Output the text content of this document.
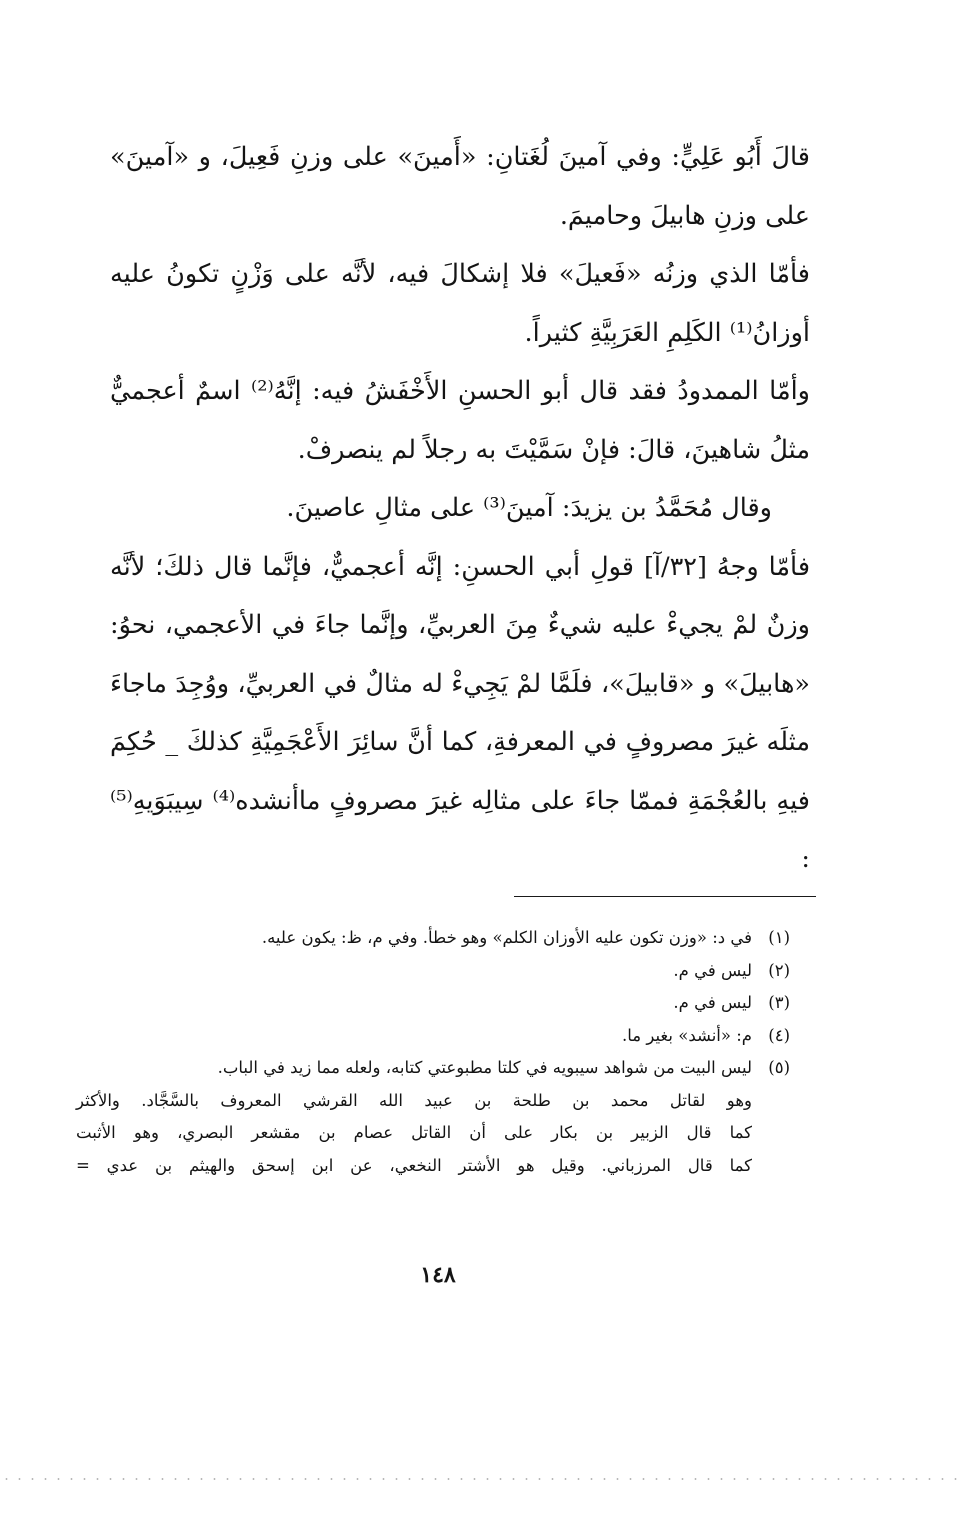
قالَ أَبُو عَلِيٍّ: وفي آمينَ لُغَتانِ: «أَمينَ» على وزنِ فَعِيلَ، و «آمينَ» على وزنِ هابيلَ وحاميمَ.

فأمّا الذي وزنُه «فَعيلَ» فلا إشكالَ فيه، لأنَّه على وَزْنٍ تكونُ عليه أوزانُ⁽¹⁾ الكَلِمِ العَرَبِيَّةِ كثيراً.

وأمّا الممدودُ فقد قال أبو الحسنِ الأَخْفَشُ فيه: إنَّهُ⁽²⁾ اسمٌ أعجميٌّ مثلُ شاهينَ، قالَ: فإنْ سَمَّيْتَ به رجلاً لم ينصرفْ.

وقال مُحَمَّدُ بن يزيدَ: آمينَ⁽³⁾ على مثالِ عاصينَ.

فأمّا وجهُ [٣٢/آ] قولِ أبي الحسنِ: إنَّه أعجميٌّ، فإنَّما قال ذلكَ؛ لأنَّه وزنٌ لمْ يجيءْ عليه شيءٌ مِنَ العربيِّ، وإنَّما جاءَ في الأعجمي، نحوُ: «هابيلَ» و «قابيلَ»، فلَمَّا لمْ يَجِيءْ له مثالٌ في العربيِّ، ووُجِدَ ماجاءَ مثلَه غيرَ مصروفٍ في المعرفةِ، كما أنَّ سائِرَ الأَعْجَمِيَّةِ كذلكَ _ حُكِمَ فيهِ بالعُجْمَةِ فممّا جاءَ على مثالِه غيرَ مصروفٍ ماأنشده⁽⁴⁾ سِيبَوَيهِ⁽⁵⁾ :

(١)
في د: «وزن تكون عليه الأوزان الكلم» وهو خطأ. وفي م، ظ: يكون عليه.
(٢)
ليس في م.
(٣)
ليس في م.
(٤)
م: «أنشد» بغير ما.
(٥)
ليس البيت من شواهد سيبويه في كلتا مطبوعتي كتابه، ولعله مما زيد في الباب.
وهو لقاتل محمد بن طلحة بن عبيد الله القرشي المعروف بالسَّجَّاد. والأكثر
كما قال الزبير بن بكار على أن القاتل عصام بن مقشعر البصري، وهو الأثبت
كما قال المرزباني. وقيل هو الأشتر النخعي، عن ابن إسحق والهيثم بن عدي =
١٤٨
